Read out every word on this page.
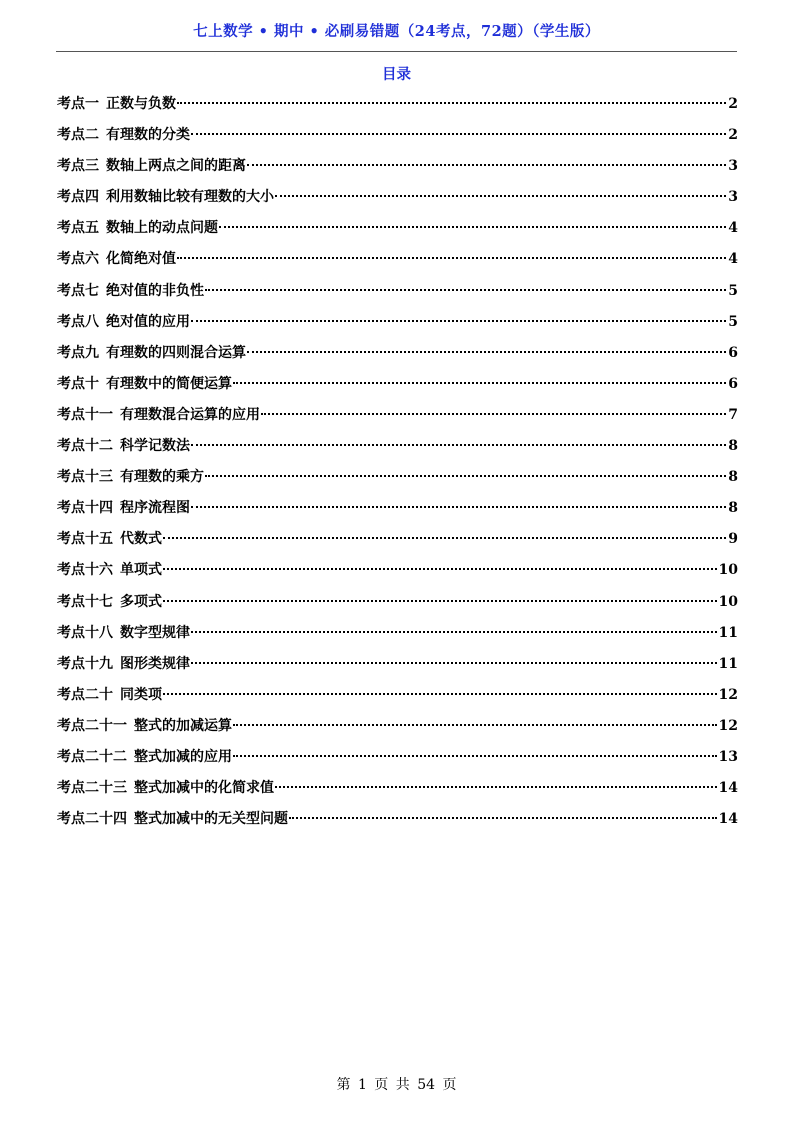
七上数学 • 期中 • 必刷易错题（24考点，72题）（学生版）
目录
考点一 正数与负数	2
考点二 有理数的分类	2
考点三 数轴上两点之间的距离	3
考点四 利用数轴比较有理数的大小	3
考点五 数轴上的动点问题	4
考点六 化简绝对值	4
考点七 绝对值的非负性	5
考点八 绝对值的应用	5
考点九 有理数的四则混合运算	6
考点十 有理数中的简便运算	6
考点十一 有理数混合运算的应用	7
考点十二 科学记数法	8
考点十三 有理数的乘方	8
考点十四 程序流程图	8
考点十五 代数式	9
考点十六 单项式	10
考点十七 多项式	10
考点十八 数字型规律	11
考点十九 图形类规律	11
考点二十 同类项	12
考点二十一 整式的加减运算	12
考点二十二 整式加减的应用	13
考点二十三 整式加减中的化简求值	14
考点二十四 整式加减中的无关型问题	14
第 1 页 共 54 页
